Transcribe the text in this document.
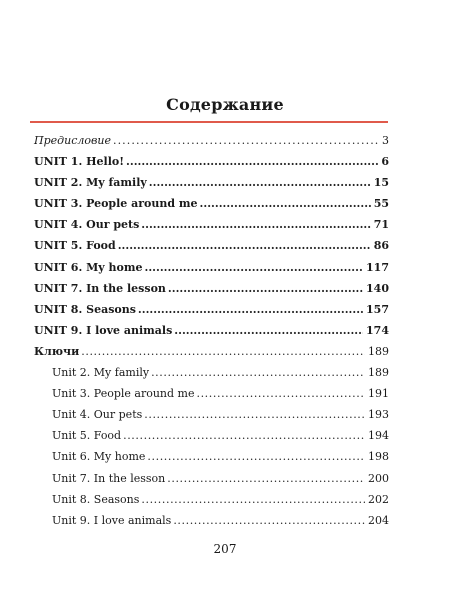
Содержание
Предисловие . . .	3
UNIT 1. Hello! .....	6
UNIT 2. My family .....	15
UNIT 3. People around me .....	55
UNIT 4. Our pets .....	71
UNIT 5. Food .....	86
UNIT 6. My home .....	117
UNIT 7. In the lesson .....	140
UNIT 8. Seasons .....	157
UNIT 9. I love animals .....	174
Ключи .....	189
Unit 2. My family .....	189
Unit 3. People around me .....	191
Unit 4. Our pets .....	193
Unit 5. Food .....	194
Unit 6. My home .....	198
Unit 7. In the lesson .....	200
Unit 8. Seasons .....	202
Unit 9. I love animals .....	204
207
